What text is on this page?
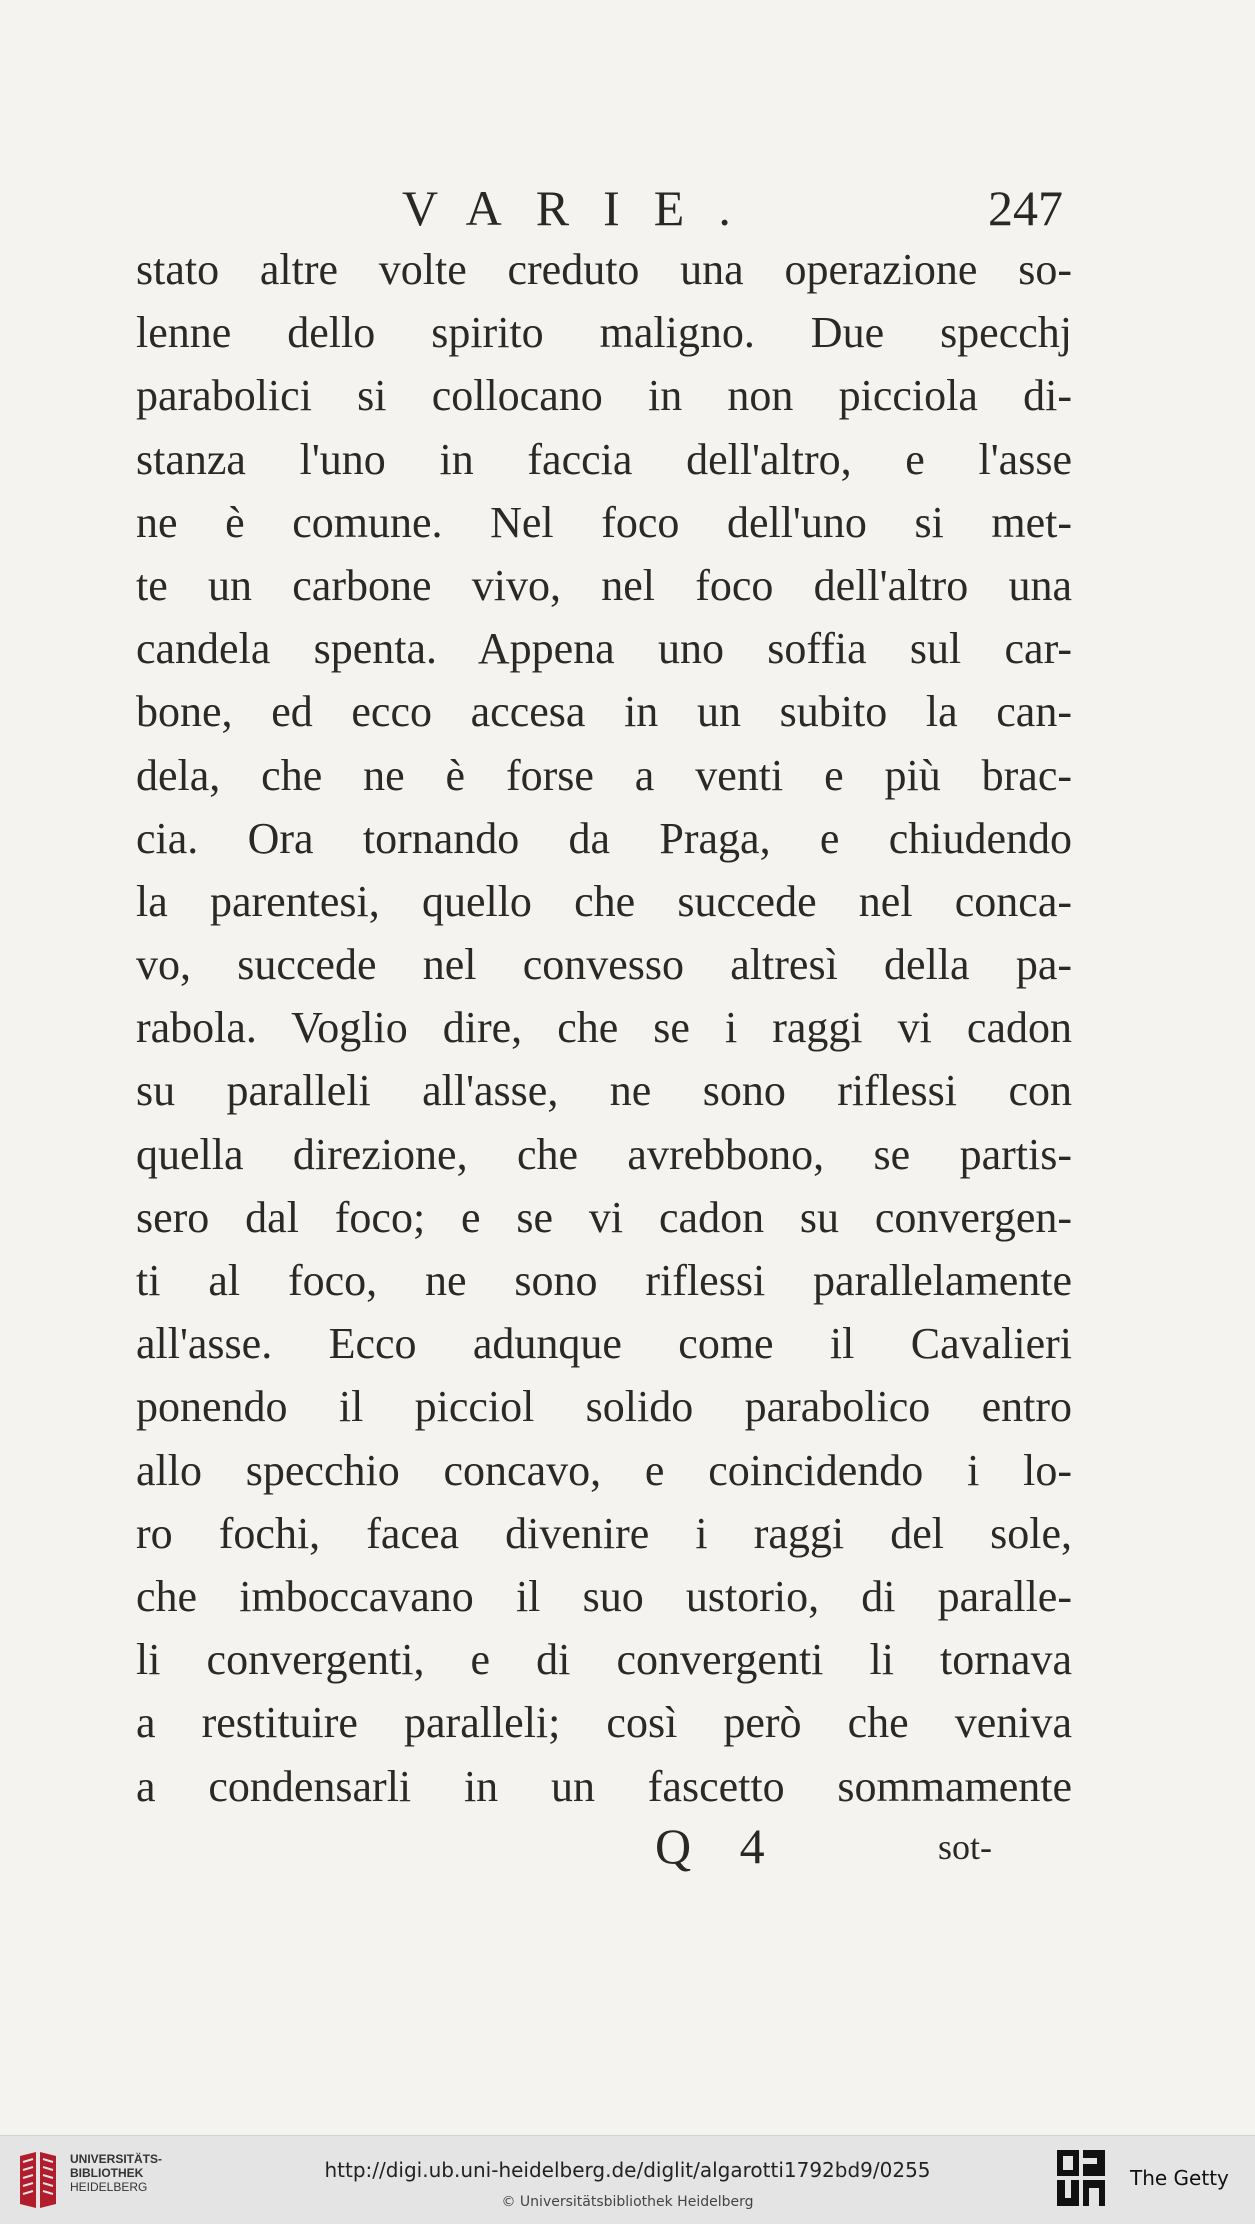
VARIE.	247
stato altre volte creduto una operazione so-
lenne dello spirito maligno. Due specchj
parabolici si collocano in non picciola di-
stanza l'uno in faccia dell'altro, e l'asse
ne è comune. Nel foco dell'uno si met-
te un carbone vivo, nel foco dell'altro una
candela spenta. Appena uno soffia sul car-
bone, ed ecco accesa in un subito la can-
dela, che ne è forse a venti e più brac-
cia. Ora tornando da Praga, e chiudendo
la parentesi, quello che succede nel conca-
vo, succede nel convesso altresì della pa-
rabola. Voglio dire, che se i raggi vi cadon
su paralleli all'asse, ne sono riflessi con
quella direzione, che avrebbono, se partis-
sero dal foco; e se vi cadon su convergen-
ti al foco, ne sono riflessi parallelamente
all'asse. Ecco adunque come il Cavalieri
ponendo il picciol solido parabolico entro
allo specchio concavo, e coincidendo i lo-
ro fochi, facea divenire i raggi del sole,
che imboccavano il suo ustorio, di paralle-
li convergenti, e di convergenti li tornava
a restituire paralleli; così però che veniva
a condensarli in un fascetto sommamente
Q 4	sot-
UNIVERSITÄTS-
BIBLIOTHEK
HEIDELBERG
http://digi.ub.uni-heidelberg.de/diglit/algarotti1792bd9/0255
© Universitätsbibliothek Heidelberg
The Getty
